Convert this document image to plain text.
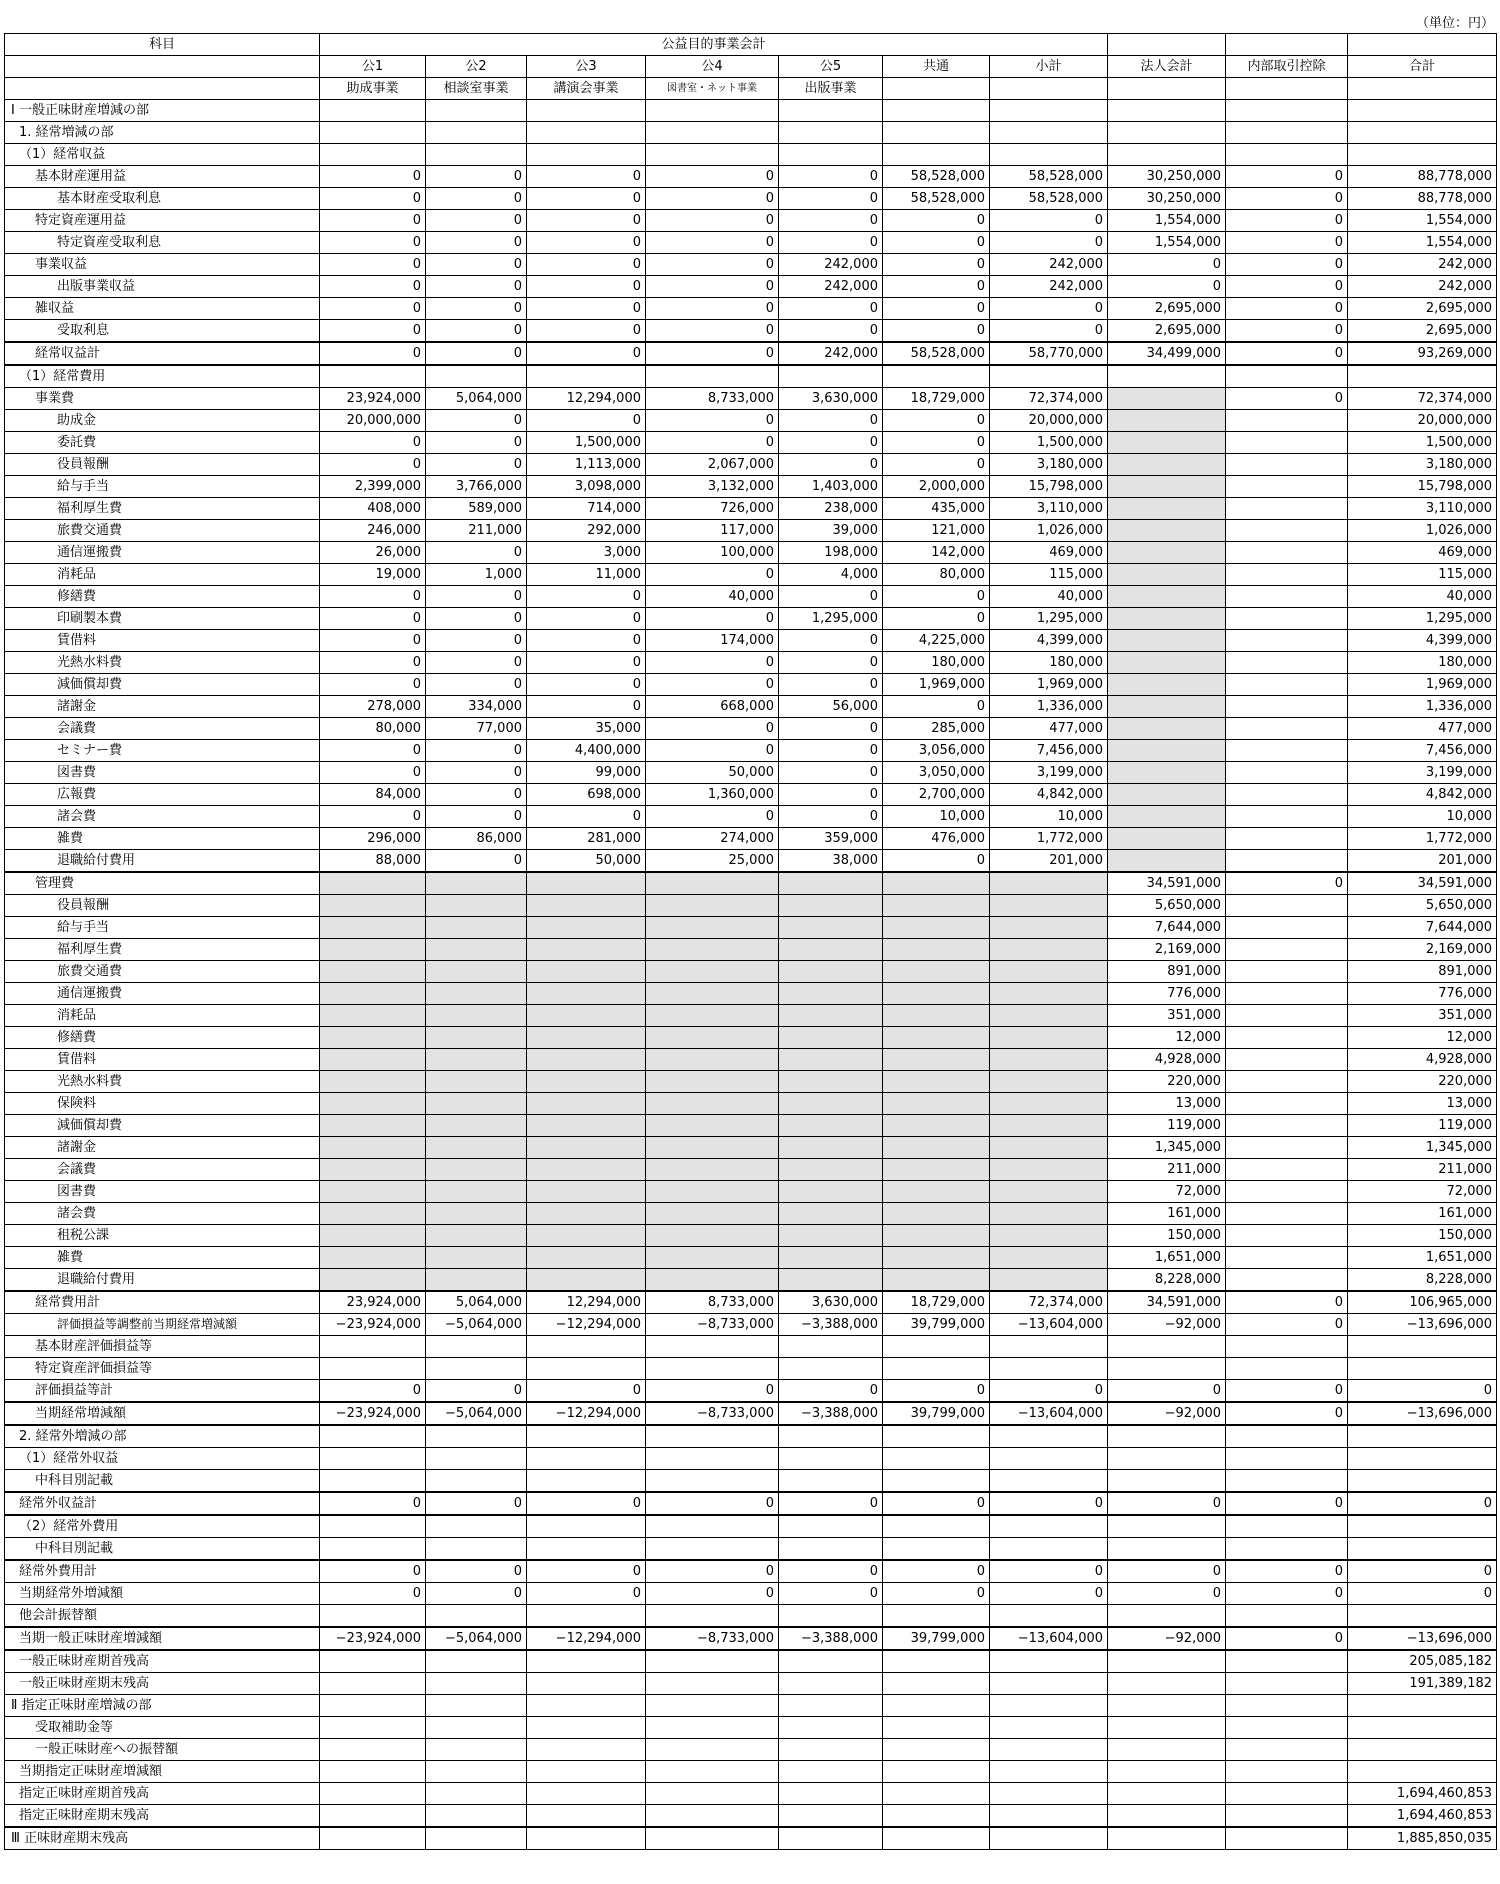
（単位：円）
科目	公益目的事業会計									
	公1	公2	公3	公4	公5	共通	小計	法人会計	内部取引控除	合計
	助成事業	相談室事業	講演会事業	図書室・ネット事業	出版事業					
Ⅰ 一般正味財産増減の部										
1. 経常増減の部										
（1）経常収益										
基本財産運用益	0	0	0	0	0	58,528,000	58,528,000	30,250,000	0	88,778,000
基本財産受取利息	0	0	0	0	0	58,528,000	58,528,000	30,250,000	0	88,778,000
特定資産運用益	0	0	0	0	0	0	0	1,554,000	0	1,554,000
特定資産受取利息	0	0	0	0	0	0	0	1,554,000	0	1,554,000
事業収益	0	0	0	0	242,000	0	242,000	0	0	242,000
出版事業収益	0	0	0	0	242,000	0	242,000	0	0	242,000
雑収益	0	0	0	0	0	0	0	2,695,000	0	2,695,000
受取利息	0	0	0	0	0	0	0	2,695,000	0	2,695,000
経常収益計	0	0	0	0	242,000	58,528,000	58,770,000	34,499,000	0	93,269,000
（1）経常費用										
事業費	23,924,000	5,064,000	12,294,000	8,733,000	3,630,000	18,729,000	72,374,000		0	72,374,000
助成金	20,000,000	0	0	0	0	0	20,000,000			20,000,000
委託費	0	0	1,500,000	0	0	0	1,500,000			1,500,000
役員報酬	0	0	1,113,000	2,067,000	0	0	3,180,000			3,180,000
給与手当	2,399,000	3,766,000	3,098,000	3,132,000	1,403,000	2,000,000	15,798,000			15,798,000
福利厚生費	408,000	589,000	714,000	726,000	238,000	435,000	3,110,000			3,110,000
旅費交通費	246,000	211,000	292,000	117,000	39,000	121,000	1,026,000			1,026,000
通信運搬費	26,000	0	3,000	100,000	198,000	142,000	469,000			469,000
消耗品	19,000	1,000	11,000	0	4,000	80,000	115,000			115,000
修繕費	0	0	0	40,000	0	0	40,000			40,000
印刷製本費	0	0	0	0	1,295,000	0	1,295,000			1,295,000
賃借料	0	0	0	174,000	0	4,225,000	4,399,000			4,399,000
光熱水料費	0	0	0	0	0	180,000	180,000			180,000
減価償却費	0	0	0	0	0	1,969,000	1,969,000			1,969,000
諸謝金	278,000	334,000	0	668,000	56,000	0	1,336,000			1,336,000
会議費	80,000	77,000	35,000	0	0	285,000	477,000			477,000
セミナー費	0	0	4,400,000	0	0	3,056,000	7,456,000			7,456,000
図書費	0	0	99,000	50,000	0	3,050,000	3,199,000			3,199,000
広報費	84,000	0	698,000	1,360,000	0	2,700,000	4,842,000			4,842,000
諸会費	0	0	0	0	0	10,000	10,000			10,000
雑費	296,000	86,000	281,000	274,000	359,000	476,000	1,772,000			1,772,000
退職給付費用	88,000	0	50,000	25,000	38,000	0	201,000			201,000
管理費								34,591,000	0	34,591,000
役員報酬								5,650,000		5,650,000
給与手当								7,644,000		7,644,000
福利厚生費								2,169,000		2,169,000
旅費交通費								891,000		891,000
通信運搬費								776,000		776,000
消耗品								351,000		351,000
修繕費								12,000		12,000
賃借料								4,928,000		4,928,000
光熱水料費								220,000		220,000
保険料								13,000		13,000
減価償却費								119,000		119,000
諸謝金								1,345,000		1,345,000
会議費								211,000		211,000
図書費								72,000		72,000
諸会費								161,000		161,000
租税公課								150,000		150,000
雑費								1,651,000		1,651,000
退職給付費用								8,228,000		8,228,000
経常費用計	23,924,000	5,064,000	12,294,000	8,733,000	3,630,000	18,729,000	72,374,000	34,591,000	0	106,965,000
評価損益等調整前当期経常増減額	−23,924,000	−5,064,000	−12,294,000	−8,733,000	−3,388,000	39,799,000	−13,604,000	−92,000	0	−13,696,000
基本財産評価損益等										
特定資産評価損益等										
評価損益等計	0	0	0	0	0	0	0	0	0	0
当期経常増減額	−23,924,000	−5,064,000	−12,294,000	−8,733,000	−3,388,000	39,799,000	−13,604,000	−92,000	0	−13,696,000
2. 経常外増減の部										
（1）経常外収益										
中科目別記載										
経常外収益計	0	0	0	0	0	0	0	0	0	0
（2）経常外費用										
中科目別記載										
経常外費用計	0	0	0	0	0	0	0	0	0	0
当期経常外増減額	0	0	0	0	0	0	0	0	0	0
他会計振替額										
当期一般正味財産増減額	−23,924,000	−5,064,000	−12,294,000	−8,733,000	−3,388,000	39,799,000	−13,604,000	−92,000	0	−13,696,000
一般正味財産期首残高										205,085,182
一般正味財産期末残高										191,389,182
Ⅱ 指定正味財産増減の部										
受取補助金等										
一般正味財産への振替額										
当期指定正味財産増減額										
指定正味財産期首残高										1,694,460,853
指定正味財産期末残高										1,694,460,853
Ⅲ 正味財産期末残高										1,885,850,035
